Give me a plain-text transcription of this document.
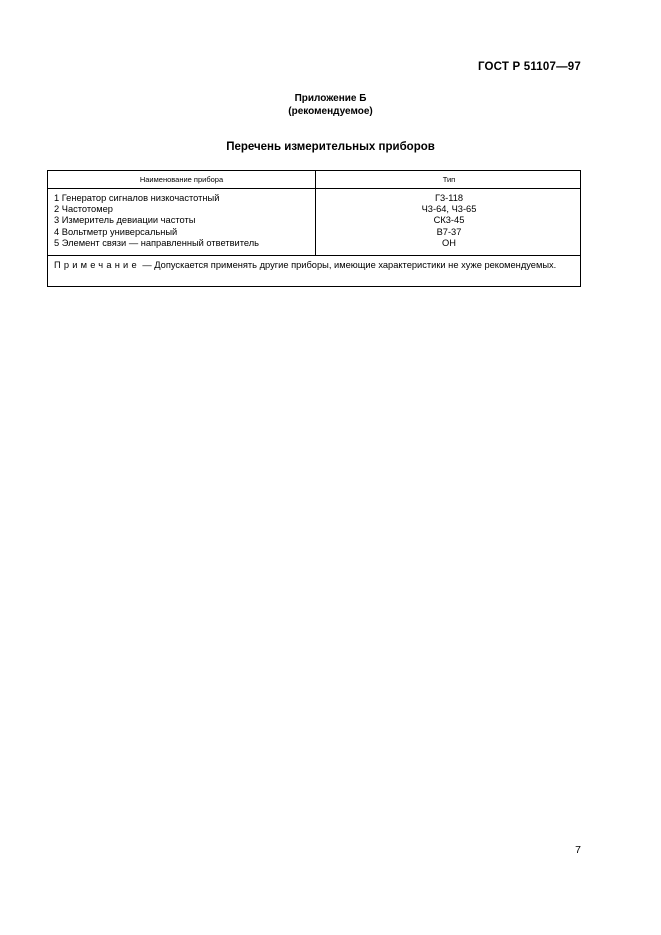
ГОСТ Р 51107—97
Приложение Б
(рекомендуемое)
Перечень измерительных приборов
Наименование прибора	Тип
1 Генератор сигналов низкочастотный	Г3-118
2 Частотомер	Ч3-64, Ч3-65
3 Измеритель девиации частоты	СК3-45
4 Вольтметр универсальный	В7-37
5 Элемент связи — направленный ответвитель	ОН
Примечание — Допускается применять другие приборы, имеющие характеристики не хуже рекомендуемых.
7
